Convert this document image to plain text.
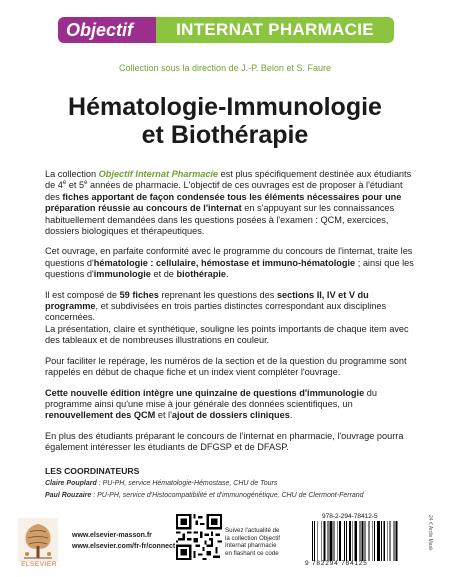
Objectif	INTERNAT PHARMACIE
Collection sous la direction de J.-P. Belon et S. Faure
Hématologie-Immunologie
et Biothérapie

La collection Objectif Internat Pharmacie est plus spécifiquement destinée aux étudiants de 4e et 5e années de pharmacie. L'objectif de ces ouvrages est de proposer à l'étudiant des fiches apportant de façon condensée tous les éléments nécessaires pour une préparation réussie au concours de l'internat en s'appuyant sur les connaissances habituellement demandées dans les questions posées à l'examen : QCM, exercices, dossiers biologiques et thérapeutiques.

Cet ouvrage, en parfaite conformité avec le programme du concours de l'internat, traite les questions d'hématologie : cellulaire, hémostase et immuno-hématologie ; ainsi que les questions d'immunologie et de biothérapie.

Il est composé de 59 fiches reprenant les questions des sections II, IV et V du programme, et subdivisées en trois parties distinctes correspondant aux disciplines concernées.
La présentation, claire et synthétique, souligne les points importants de chaque item avec des tableaux et de nombreuses illustrations en couleur.

Pour faciliter le repérage, les numéros de la section et de la question du programme sont rappelés en début de chaque fiche et un index vient compléter l'ouvrage.

Cette nouvelle édition intègre une quinzaine de questions d'immunologie du programme ainsi qu'une mise à jour générale des données scientifiques, un renouvellement des QCM et l'ajout de dossiers cliniques.

En plus des étudiants préparant le concours de l'internat en pharmacie, l'ouvrage pourra également intéresser les étudiants de DFGSP et de DFASP.

LES COORDINATEURS
Claire Pouplard : PU-PH, service Hématologie-Hémostase, CHU de Tours
Paul Rouzaire : PU-PH, service d'Histocompatibilité et d'immunogénétique, CHU de Clermont-Ferrand
ELSEVIER
www.elsevier-masson.fr
www.elsevier.com/fr-fr/connect
Suivez l'actualité de
la collection Objectif
Internat pharmacie
en flashant ce code
978-2-294-78412-5
9 782294 784125
24 € Ardis Mask
